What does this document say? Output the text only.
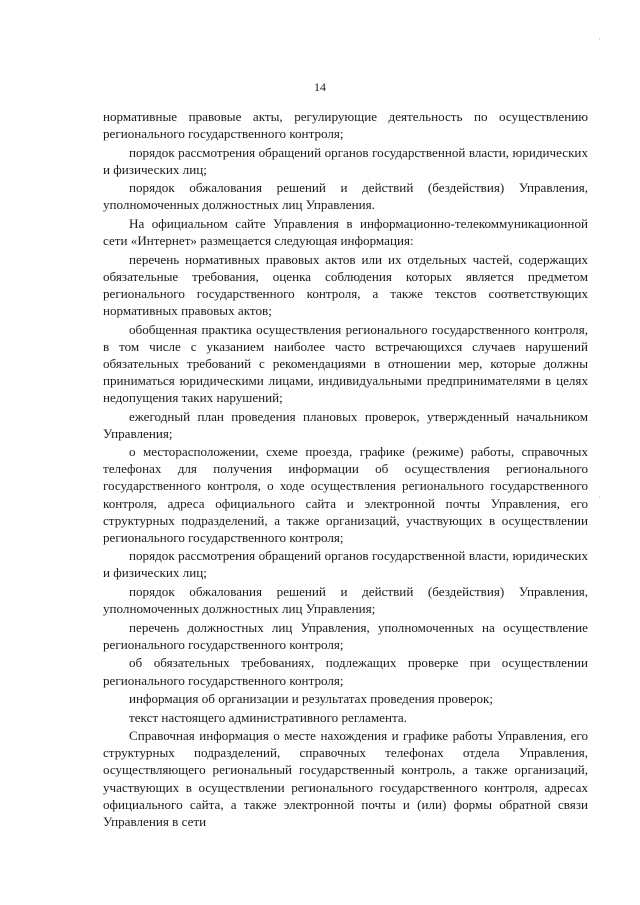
14

нормативные правовые акты, регулирующие деятельность по осуществлению регионального государственного контроля;

порядок рассмотрения обращений органов государственной власти, юридических и физических лиц;

порядок обжалования решений и действий (бездействия) Управления, уполномоченных должностных лиц Управления.

На официальном сайте Управления в информационно-телекоммуникационной сети «Интернет» размещается следующая информация:

перечень нормативных правовых актов или их отдельных частей, содержащих обязательные требования, оценка соблюдения которых является предметом регионального государственного контроля, а также текстов соответствующих нормативных правовых актов;

обобщенная практика осуществления регионального государственного контроля, в том числе с указанием наиболее часто встречающихся случаев нарушений обязательных требований с рекомендациями в отношении мер, которые должны приниматься юридическими лицами, индивидуальными предпринимателями в целях недопущения таких нарушений;

ежегодный план проведения плановых проверок, утвержденный начальником Управления;

о месторасположении, схеме проезда, графике (режиме) работы, справочных телефонах для получения информации об осуществления регионального государственного контроля, о ходе осуществления регионального государственного контроля, адреса официального сайта и электронной почты Управления, его структурных подразделений, а также организаций, участвующих в осуществлении регионального государственного контроля;

порядок рассмотрения обращений органов государственной власти, юридических и физических лиц;

порядок обжалования решений и действий (бездействия) Управления, уполномоченных должностных лиц Управления;

перечень должностных лиц Управления, уполномоченных на осуществление регионального государственного контроля;

об обязательных требованиях, подлежащих проверке при осуществлении регионального государственного контроля;

информация об организации и результатах проведения проверок;

текст настоящего административного регламента.

Справочная информация о месте нахождения и графике работы Управления, его структурных подразделений, справочных телефонах отдела Управления, осуществляющего региональный государственный контроль, а также организаций, участвующих в осуществлении регионального государственного контроля, адресах официального сайта, а также электронной почты и (или) формы обратной связи Управления в сети

·
·
